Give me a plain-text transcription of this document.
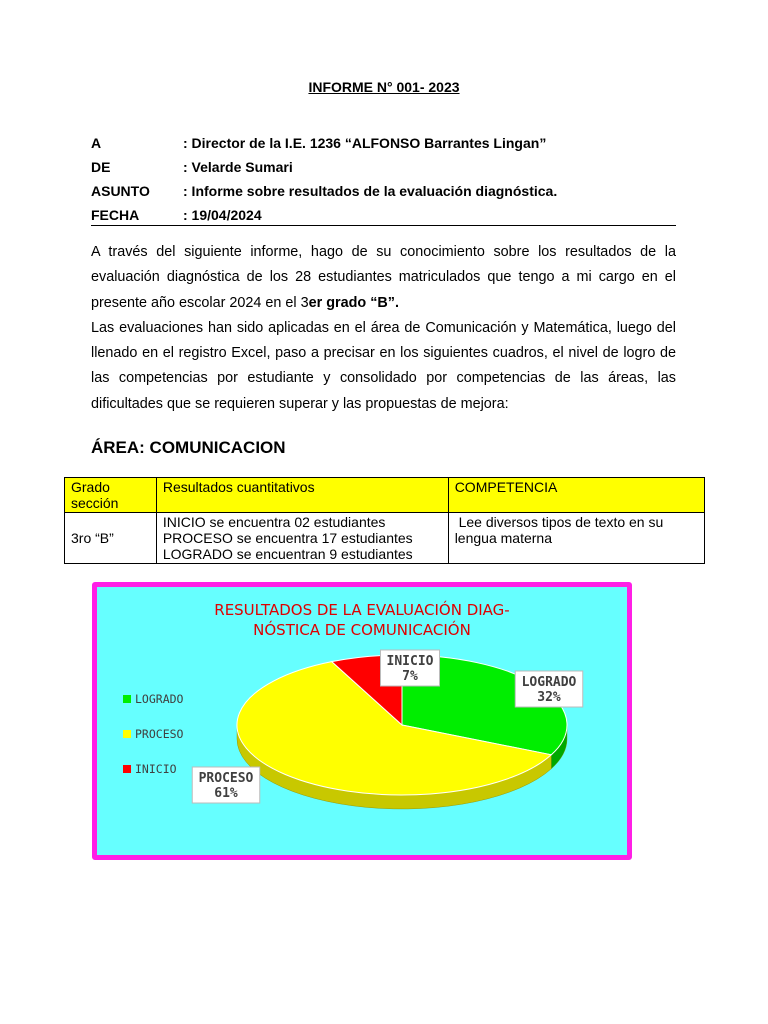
INFORME N° 001- 2023
A	: Director de la I.E. 1236 “ALFONSO Barrantes Lingan”
DE	: Velarde Sumari
ASUNTO : Informe sobre resultados de la evaluación diagnóstica.
FECHA	: 19/04/2024

A través del siguiente informe, hago de su conocimiento sobre los resultados de la evaluación diagnóstica de los 28 estudiantes matriculados que tengo a mi cargo en el presente año escolar 2024 en el 3er grado “B”.

Las evaluaciones han sido aplicadas en el área de Comunicación y Matemática, luego del llenado en el registro Excel, paso a precisar en los siguientes cuadros, el nivel de logro de las competencias por estudiante y consolidado por competencias de las áreas, las dificultades que se requieren superar y las propuestas de mejora:

ÁREA: COMUNICACION
Grado sección	Resultados cuantitativos	COMPETENCIA
3ro “B”	INICIO se encuentra 02 estudiantes
PROCESO se encuentra 17 estudiantes
LOGRADO se encuentran 9 estudiantes	Lee diversos tipos de texto en su lengua materna
RESULTADOS DE LA EVALUACIÓN DIAG-
NÓSTICA DE COMUNICACIÓN
LOGRADO
PROCESO
INICIO
LOGRADO
32%
PROCESO
61%
INICIO
7%
